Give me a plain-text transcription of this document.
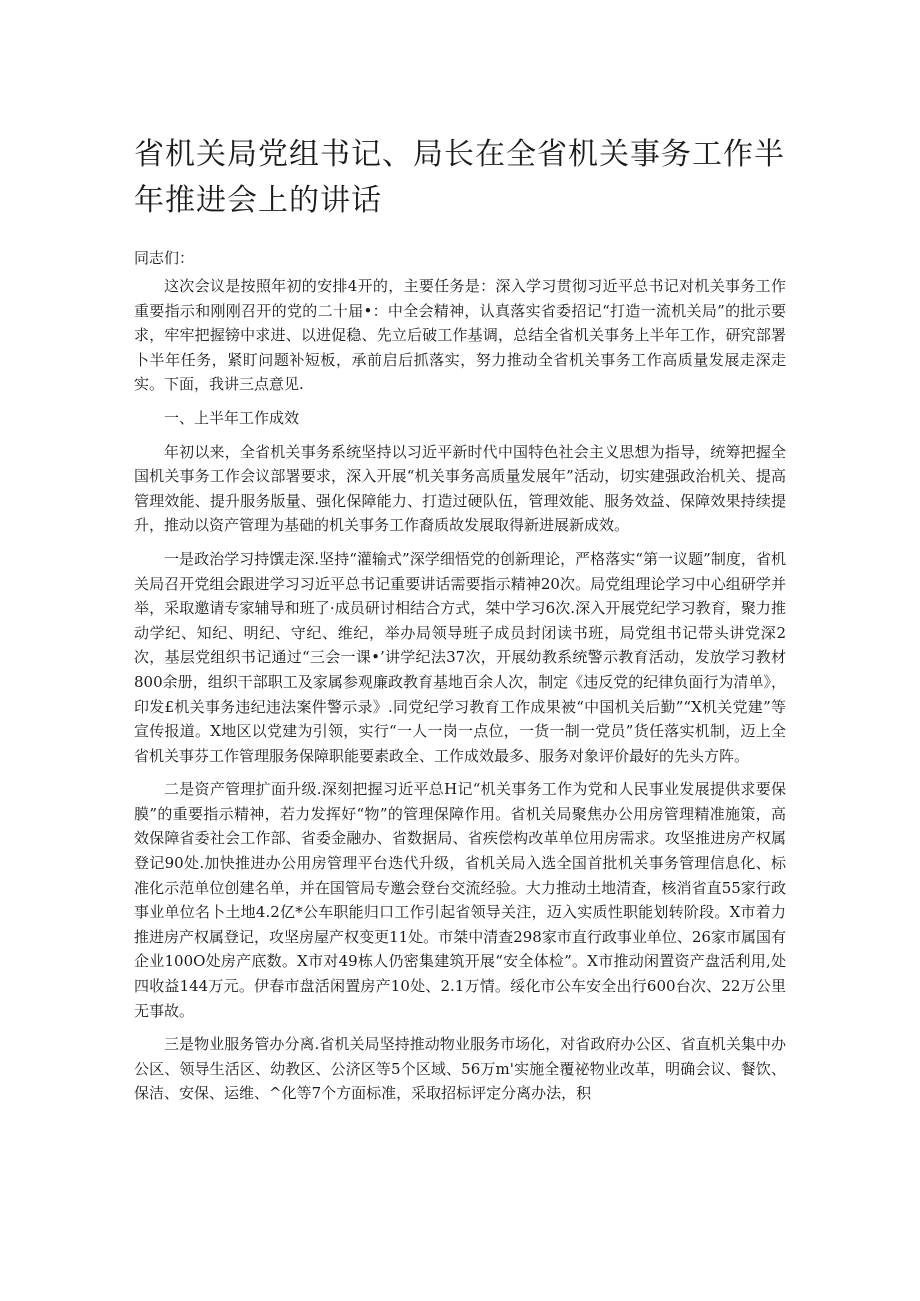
省机关局党组书记、局长在全省机关事务工作半年推进会上的讲话

同志们：

这次会议是按照年初的安排4开的，主要任务是：深入学习贯彻习近平总书记对机关事务工作重要指示和刚刚召开的党的二十届•：中全会精神，认真落实省委招记“打造一流机关局”的批示要求，牢牢把握镑中求进、以进促稳、先立后破工作基调，总结全省机关事务上半年工作，研究部署卜半年任务，紧盯问题补短板，承前启后抓落实，努力推动全省机关事务工作高质量发展走深走实。下面，我讲三点意见.

一、上半年工作成效

年初以来，全省机关事务系统坚持以习近平新时代中国特色社会主义思想为指导，统筹把握全国机关事务工作会议部署要求，深入开展“机关事务高质量发展年”活动，切实建强政治机关、提高管理效能、提升服务版量、强化保障能力、打造过硬队伍，管理效能、服务效益、保障效果持续提升，推动以资产管理为基础的机关事务工作裔质故发展取得新进展新成效。

一是政治学习持馔走深.坚持“灌输式”深学细悟党的创新理论，严格落实“第一议题”制度，省机关局召开党组会跟进学习习近平总书记重要讲话需要指示精神20次。局党组理论学习中心组研学并举，采取邀请专家辅导和班了·成员研讨相结合方式，桀中学习6次.深入开展党纪学习教育，聚力推动学纪、知纪、明纪、守纪、维纪，举办局领导班子成员封闭读书班，局党组书记带头讲党深2次，基层党组织书记通过“三会一课•’讲学纪法37次，开展幼教系统警示教育活动，发放学习教材800余册，组织干部职工及家属参观廉政教育基地百余人次，制定《违反党的纪律负面行为清单》，印发£机关事务违纪违法案件警示录》.同党纪学习教育工作成果被“中国机关后勤”“X机关党建”等宣传报道。X地区以党建为引领，实行“一人一岗一点位，一货一制一党员”货任落实机制，迈上全省机关事芬工作管理服务保障职能要素政全、工作成效最多、服务对象评价最好的先头方阵。

二是资产管理扩面升级.深刻把握习近平总H记“机关事务工作为党和人民事业发展提供求要保膜”的重要指示精神，若力发挥好“物”的管理保障作用。省机关局聚焦办公用房管理精准施策，高效保障省委社会工作部、省委金融办、省数据局、省疾偿构改革单位用房需求。攻坚推进房产权属登记90处.加快推进办公用房管理平台迭代升级，省机关局入选全国首批机关事务管理信息化、标准化示范单位创建名单，并在国管局专邀会登台交流经验。大力推动土地清査，核消省直55家行政事业单位名卜土地4.2亿*公车职能归口工作引起省领导关注，迈入实质性职能划转阶段。X市着力推进房产权属登记，攻坚房屋产权变更11处。市桀中清查298家市直行政事业单位、26家市属国有企业100O处房产底数。X市对49栋人仍密集建筑开展“安全体检”。X市推动闲置资产盘活利用,处四收益144万元。伊春市盘活闲置房产10处、2.1万情。绥化市公车安全出行600台次、22万公里无事故。

三是物业服务管办分离.省机关局坚持推动物业服务市场化，对省政府办公区、省直机关集中办公区、领导生活区、幼教区、公济区等5个区域、56万m'实施全覆祕物业改革，明确会议、餐饮、保洁、安保、运维、^化等7个方面标准，采取招标评定分离办法，积
